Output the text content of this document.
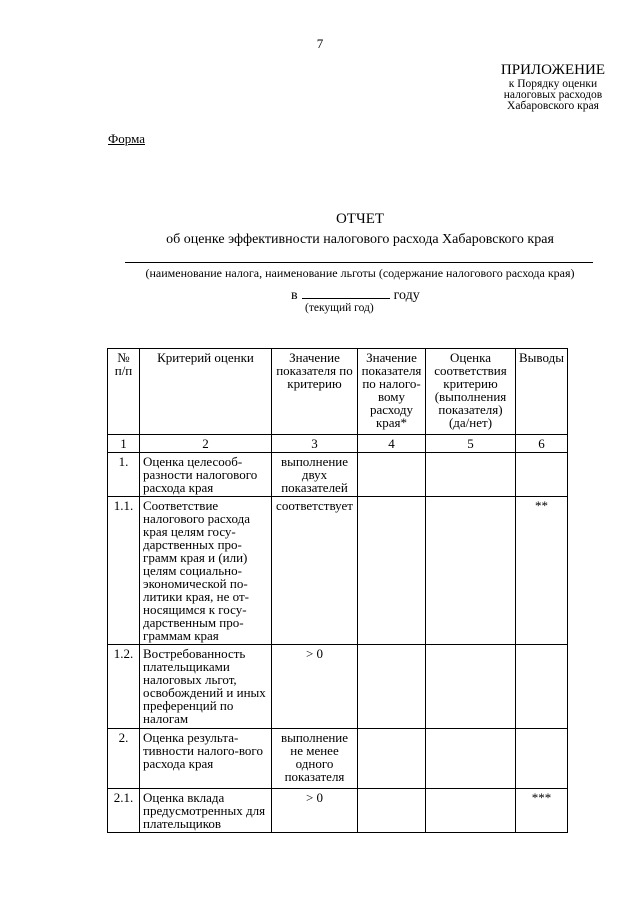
7
ПРИЛОЖЕНИЕ
к Порядку оценки
налоговых расходов
Хабаровского края
Форма
ОТЧЕТ
об оценке эффективности налогового расхода Хабаровского края
(наименование налога, наименование льготы (содержание налогового расхода края)
в	году
(текущий год)
№ п/п	Критерий оценки	Значение показателя по критерию	Значение показателя по налого-вому расходу края*	Оценка соответствия критерию (выполнения показателя) (да/нет)	Выводы
1	2	3	4	5	6
1.	Оценка целесооб-разности налогового расхода края	выполнение двух показателей			
1.1.	Соответствие налогового расхода края целям госу-дарственных про-грамм края и (или) целям социально-экономической по-литики края, не от-носящимся к госу-дарственным про-граммам края	соответствует			**
1.2.	Востребованность плательщиками налоговых льгот, освобождений и иных преференций по налогам	> 0			
2.	Оценка результа-тивности налого-вого расхода края	выполнение не менее одного показателя			
2.1.	Оценка вклада предусмотренных для плательщиков	> 0			***
